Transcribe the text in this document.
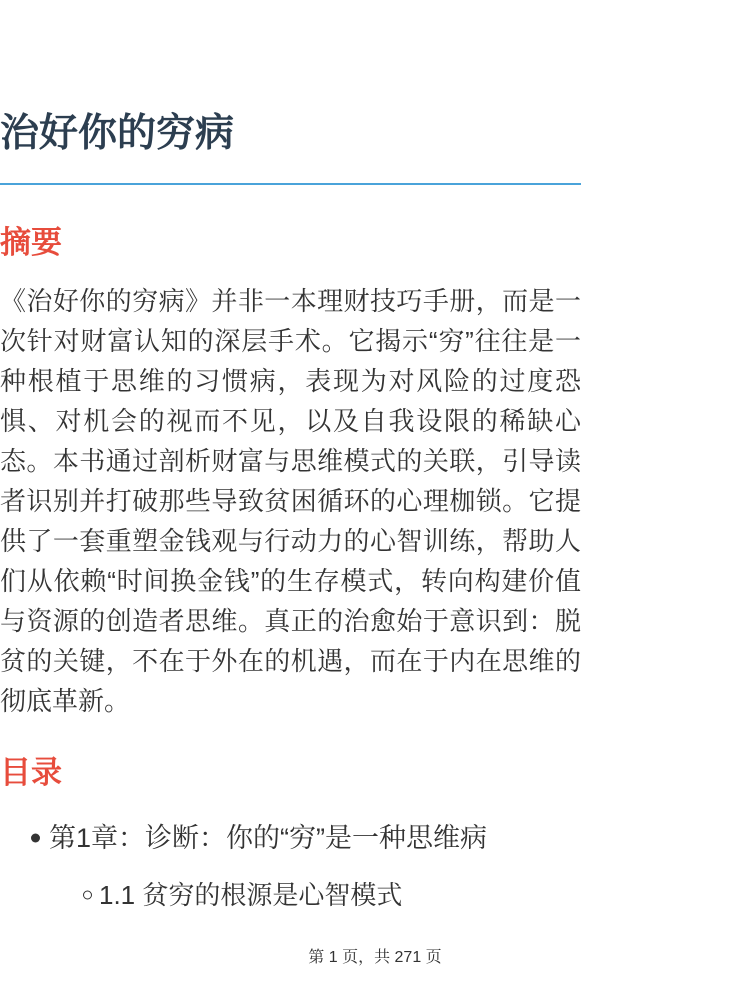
治好你的穷病
摘要

《治好你的穷病》并非一本理财技巧手册，而是一次针对财富认知的深层手术。它揭示“穷”往往是一种根植于思维的习惯病，表现为对风险的过度恐惧、对机会的视而不见，以及自我设限的稀缺心态。本书通过剖析财富与思维模式的关联，引导读者识别并打破那些导致贫困循环的心理枷锁。它提供了一套重塑金钱观与行动力的心智训练，帮助人们从依赖“时间换金钱”的生存模式，转向构建价值与资源的创造者思维。真正的治愈始于意识到：脱贫的关键，不在于外在的机遇，而在于内在思维的彻底革新。

目录
第1章：诊断：你的“穷”是一种思维病
1.1 贫穷的根源是心智模式
第 1 页，共 271 页
